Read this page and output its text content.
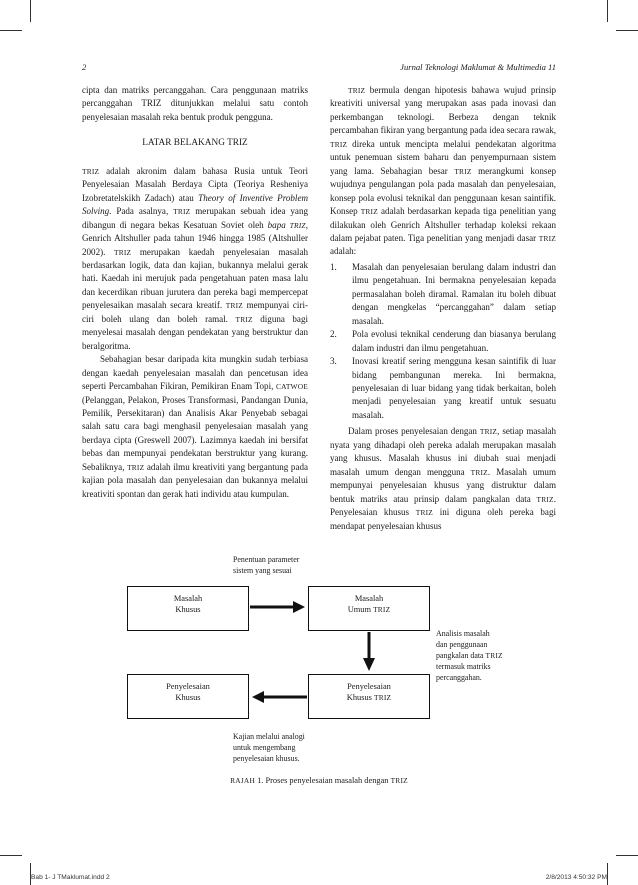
2	Jurnal Teknologi Maklumat & Multimedia 11

cipta dan matriks percanggahan. Cara penggunaan matriks percanggahan TRIZ ditunjukkan melalui satu contoh penyelesaian masalah reka bentuk produk pengguna.

LATAR BELAKANG TRIZ

TRIZ adalah akronim dalam bahasa Rusia untuk Teori Penyelesaian Masalah Berdaya Cipta (Teoriya Resheniya Izobretatelskikh Zadach) atau Theory of Inventive Problem Solving. Pada asalnya, TRIZ merupakan sebuah idea yang dibangun di negara bekas Kesatuan Soviet oleh bapa TRIZ, Genrich Altshuller pada tahun 1946 hingga 1985 (Altshuller 2002). TRIZ merupakan kaedah penyelesaian masalah berdasarkan logik, data dan kajian, bukannya melalui gerak hati. Kaedah ini merujuk pada pengetahuan paten masa lalu dan kecerdikan ribuan jurutera dan pereka bagi mempercepat penyelesaikan masalah secara kreatif. TRIZ mempunyai ciri-ciri boleh ulang dan boleh ramal. TRIZ diguna bagi menyelesai masalah dengan pendekatan yang berstruktur dan beralgoritma.

Sebahagian besar daripada kita mungkin sudah terbiasa dengan kaedah penyelesaian masalah dan pencetusan idea seperti Percambahan Fikiran, Pemikiran Enam Topi, CATWOE (Pelanggan, Pelakon, Proses Transformasi, Pandangan Dunia, Pemilik, Persekitaran) dan Analisis Akar Penyebab sebagai salah satu cara bagi menghasil penyelesaian masalah yang berdaya cipta (Greswell 2007). Lazimnya kaedah ini bersifat bebas dan mempunyai pendekatan berstruktur yang kurang. Sebaliknya, TRIZ adalah ilmu kreativiti yang bergantung pada kajian pola masalah dan penyelesaian dan bukannya melalui kreativiti spontan dan gerak hati individu atau kumpulan.

TRIZ bermula dengan hipotesis bahawa wujud prinsip kreativiti universal yang merupakan asas pada inovasi dan perkembangan teknologi. Berbeza dengan teknik percambahan fikiran yang bergantung pada idea secara rawak, TRIZ direka untuk mencipta melalui pendekatan algoritma untuk penemuan sistem baharu dan penyempurnaan sistem yang lama. Sebahagian besar TRIZ merangkumi konsep wujudnya pengulangan pola pada masalah dan penyelesaian, konsep pola evolusi teknikal dan penggunaan kesan saintifik. Konsep TRIZ adalah berdasarkan kepada tiga penelitian yang dilakukan oleh Genrich Altshuller terhadap koleksi rekaan dalam pejabat paten. Tiga penelitian yang menjadi dasar TRIZ adalah:

1. Masalah dan penyelesaian berulang dalam industri dan ilmu pengetahuan. Ini bermakna penyelesaian kepada permasalahan boleh diramal. Ramalan itu boleh dibuat dengan mengkelas “percanggahan” dalam setiap masalah.
2. Pola evolusi teknikal cenderung dan biasanya berulang dalam industri dan ilmu pengetahuan.
3. Inovasi kreatif sering mengguna kesan saintifik di luar bidang pembangunan mereka. Ini bermakna, penyelesaian di luar bidang yang tidak berkaitan, boleh menjadi penyelesaian yang kreatif untuk sesuatu masalah.

Dalam proses penyelesaian dengan TRIZ, setiap masalah nyata yang dihadapi oleh pereka adalah merupakan masalah yang khusus. Masalah khusus ini diubah suai menjadi masalah umum dengan mengguna TRIZ. Masalah umum mempunyai penyelesaian khusus yang distruktur dalam bentuk matriks atau prinsip dalam pangkalan data TRIZ. Penyelesaian khusus TRIZ ini diguna oleh pereka bagi mendapat penyelesaian khusus

Penentuan parameter
sistem yang sesuai
Masalah
Khusus
Masalah
Umum TRIZ
Penyelesaian
Khusus
Penyelesaian
Khusus TRIZ
Analisis masalah
dan penggunaan
pangkalan data TRIZ
termasuk matriks
percanggahan.
Kajian melalui analogi
untuk mengembang
penyelesaian khusus.
RAJAH 1. Proses penyelesaian masalah dengan TRIZ
Bab 1- J TMaklumat.indd 2	2/8/2013 4:50:32 PM
